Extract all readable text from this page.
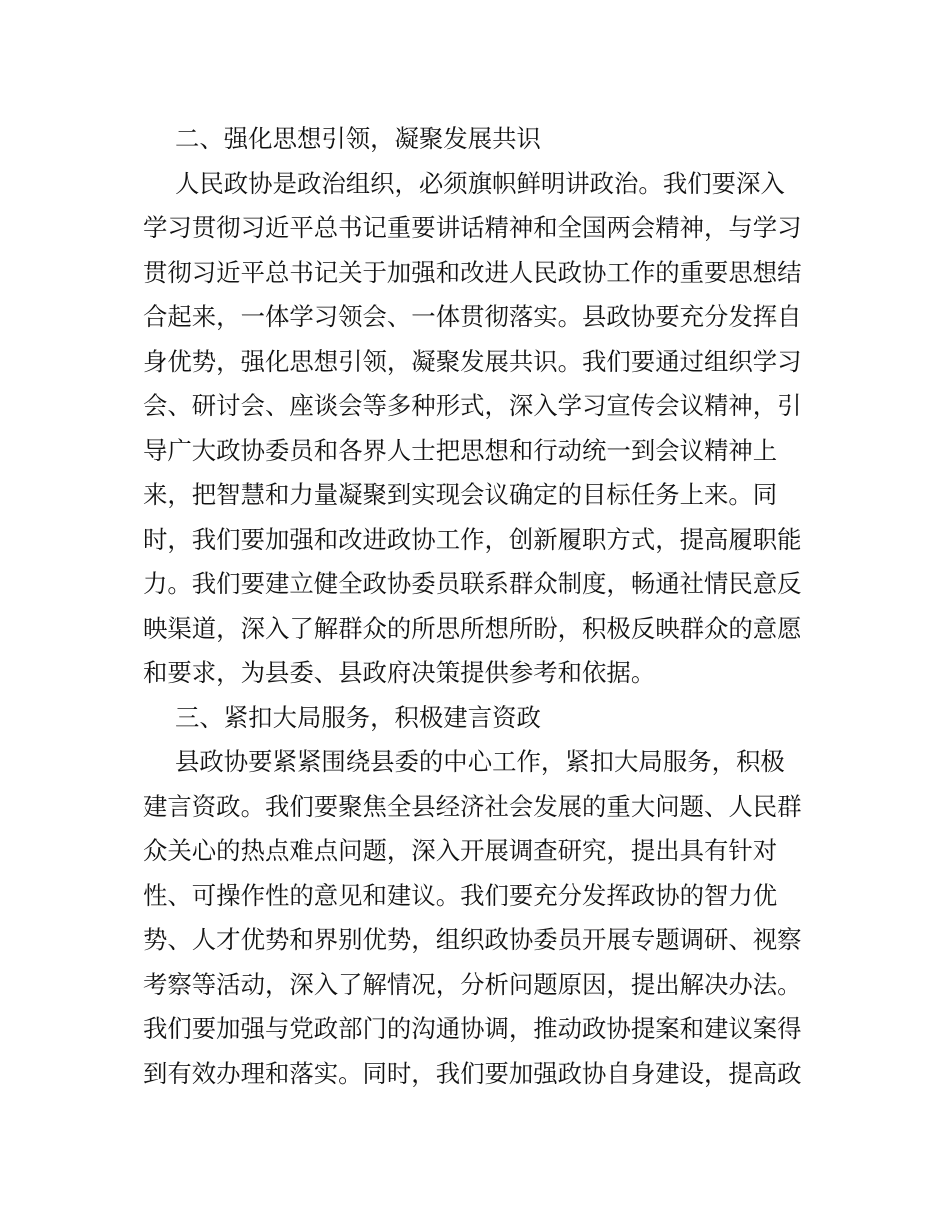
二、强化思想引领，凝聚发展共识
人民政协是政治组织，必须旗帜鲜明讲政治。我们要深入
学习贯彻习近平总书记重要讲话精神和全国两会精神，与学习
贯彻习近平总书记关于加强和改进人民政协工作的重要思想结
合起来，一体学习领会、一体贯彻落实。县政协要充分发挥自
身优势，强化思想引领，凝聚发展共识。我们要通过组织学习
会、研讨会、座谈会等多种形式，深入学习宣传会议精神，引
导广大政协委员和各界人士把思想和行动统一到会议精神上
来，把智慧和力量凝聚到实现会议确定的目标任务上来。同
时，我们要加强和改进政协工作，创新履职方式，提高履职能
力。我们要建立健全政协委员联系群众制度，畅通社情民意反
映渠道，深入了解群众的所思所想所盼，积极反映群众的意愿
和要求，为县委、县政府决策提供参考和依据。
三、紧扣大局服务，积极建言资政
县政协要紧紧围绕县委的中心工作，紧扣大局服务，积极
建言资政。我们要聚焦全县经济社会发展的重大问题、人民群
众关心的热点难点问题，深入开展调查研究，提出具有针对
性、可操作性的意见和建议。我们要充分发挥政协的智力优
势、人才优势和界别优势，组织政协委员开展专题调研、视察
考察等活动，深入了解情况，分析问题原因，提出解决办法。
我们要加强与党政部门的沟通协调，推动政协提案和建议案得
到有效办理和落实。同时，我们要加强政协自身建设，提高政
